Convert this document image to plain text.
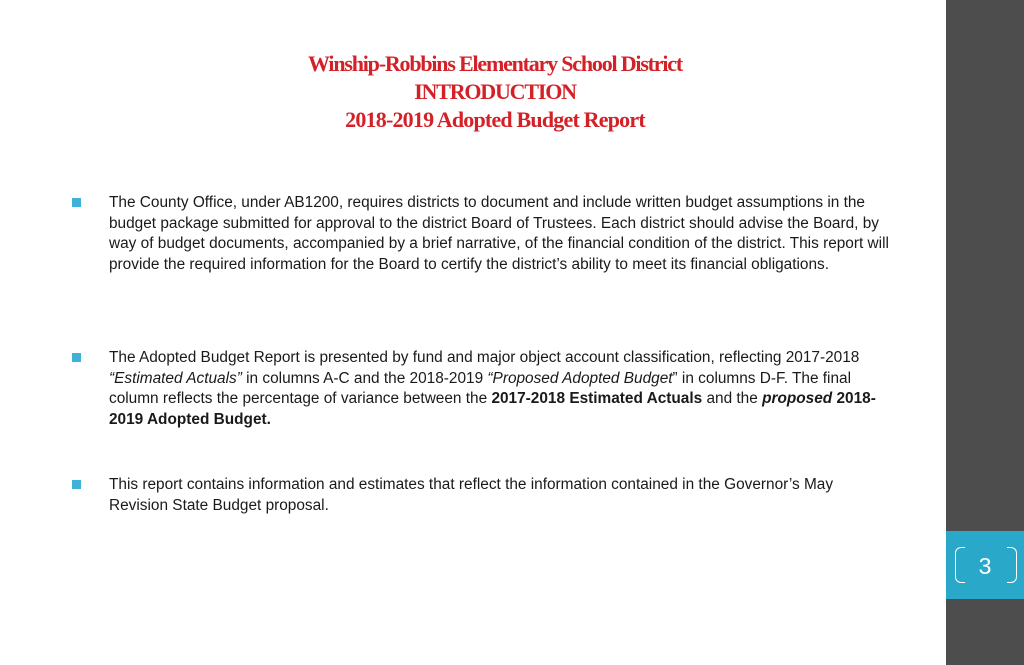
Winship-Robbins Elementary School District
INTRODUCTION
2018-2019 Adopted Budget Report
The County Office, under AB1200, requires districts to document and include written budget assumptions in the budget package submitted for approval to the district Board of Trustees. Each district should advise the Board, by way of budget documents, accompanied by a brief narrative, of the financial condition of the district. This report will provide the required information for the Board to certify the district’s ability to meet its financial obligations.
The Adopted Budget Report is presented by fund and major object account classification, reflecting 2017-2018 “Estimated Actuals” in columns A-C and the 2018-2019 “Proposed Adopted Budget” in columns D-F. The final column reflects the percentage of variance between the 2017-2018 Estimated Actuals and the proposed 2018-2019 Adopted Budget.
This report contains information and estimates that reflect the information contained in the Governor’s May Revision State Budget proposal.
3
